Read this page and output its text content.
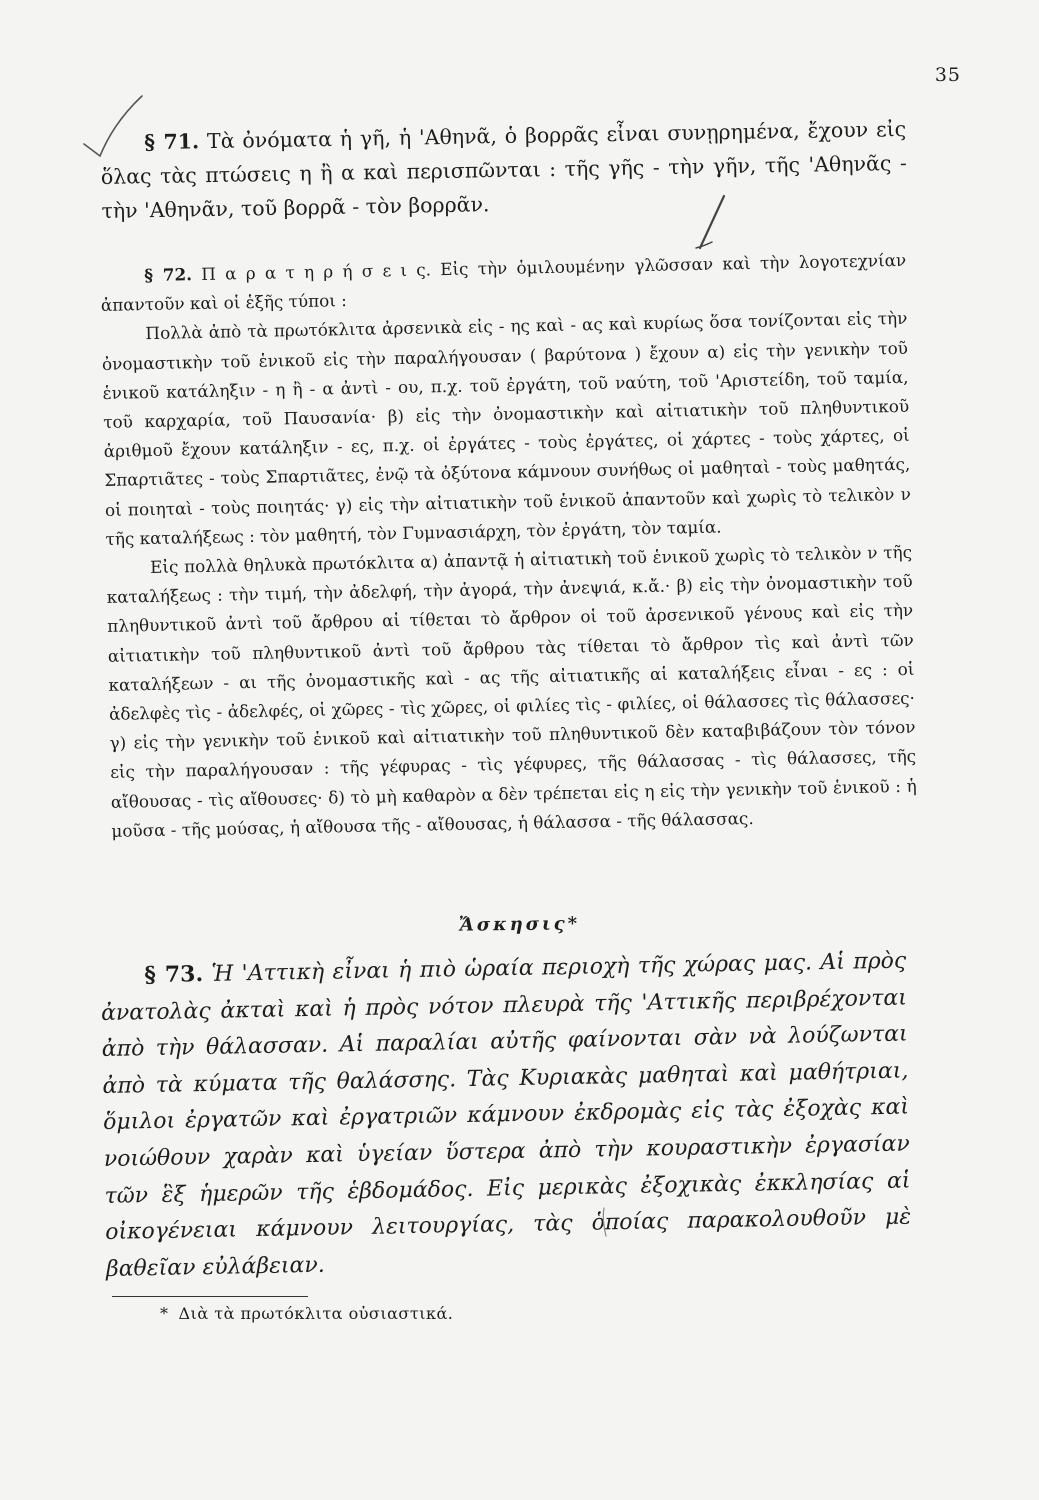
35

§ 71. Τὰ ὀνόματα ἡ γῆ, ἡ 'Αθηνᾶ, ὁ βορρᾶς εἶναι συνῃρημένα, ἔχουν εἰς ὅλας τὰς πτώσεις η ἢ α καὶ περισπῶνται : τῆς γῆς - τὴν γῆν, τῆς 'Αθηνᾶς - τὴν 'Αθηνᾶν, τοῦ βορρᾶ - τὸν βορρᾶν.

§ 72. Π α ρ α τ η ρ ή σ ε ι ς. Εἰς τὴν ὁμιλουμένην γλῶσσαν καὶ τὴν λογοτεχνίαν ἀπαντοῦν καὶ οἱ ἑξῆς τύποι :

Πολλὰ ἀπὸ τὰ πρωτόκλιτα ἀρσενικὰ εἰς - ης καὶ - ας καὶ κυρίως ὅσα τονίζονται εἰς τὴν ὀνομαστικὴν τοῦ ἑνικοῦ εἰς τὴν παραλήγουσαν ( βαρύτονα ) ἔχουν α) εἰς τὴν γενικὴν τοῦ ἑνικοῦ κατάληξιν - η ἢ - α ἀντὶ - ου, π.χ. τοῦ ἐργάτη, τοῦ ναύτη, τοῦ 'Αριστείδη, τοῦ ταμία, τοῦ καρχαρία, τοῦ Παυσανία· β) εἰς τὴν ὀνομαστικὴν καὶ αἰτιατικὴν τοῦ πληθυντικοῦ ἀριθμοῦ ἔχουν κατάληξιν - ες, π.χ. οἱ ἐργάτες - τοὺς ἐργάτες, οἱ χάρτες - τοὺς χάρτες, οἱ Σπαρτιᾶτες - τοὺς Σπαρτιᾶτες, ἐνῷ τὰ ὀξύτονα κάμνουν συνήθως οἱ μαθηταὶ - τοὺς μαθητάς, οἱ ποιηταὶ - τοὺς ποιητάς· γ) εἰς τὴν αἰτιατικὴν τοῦ ἑνικοῦ ἀπαντοῦν καὶ χωρὶς τὸ τελικὸν ν τῆς καταλήξεως : τὸν μαθητή, τὸν Γυμνασιάρχη, τὸν ἐργάτη, τὸν ταμία.

Εἰς πολλὰ θηλυκὰ πρωτόκλιτα α) ἀπαντᾷ ἡ αἰτιατικὴ τοῦ ἑνικοῦ χωρὶς τὸ τελικὸν ν τῆς καταλήξεως : τὴν τιμή, τὴν ἀδελφή, τὴν ἀγορά, τὴν ἀνεψιά, κ.ἄ.· β) εἰς τὴν ὀνομαστικὴν τοῦ πληθυντικοῦ ἀντὶ τοῦ ἄρθρου αἱ τίθεται τὸ ἄρθρον οἱ τοῦ ἀρσενικοῦ γένους καὶ εἰς τὴν αἰτιατικὴν τοῦ πληθυντικοῦ ἀντὶ τοῦ ἄρθρου τὰς τίθεται τὸ ἄρθρον τὶς καὶ ἀντὶ τῶν καταλήξεων - αι τῆς ὀνομαστικῆς καὶ - ας τῆς αἰτιατικῆς αἱ καταλήξεις εἶναι - ες : οἱ ἀδελφὲς τὶς - ἀδελφές, οἱ χῶρες - τὶς χῶρες, οἱ φιλίες τὶς - φιλίες, οἱ θάλασσες τὶς θάλασσες· γ) εἰς τὴν γενικὴν τοῦ ἑνικοῦ καὶ αἰτιατικὴν τοῦ πληθυντικοῦ δὲν καταβιβάζουν τὸν τόνον εἰς τὴν παραλήγουσαν : τῆς γέφυρας - τὶς γέφυρες, τῆς θάλασσας - τὶς θάλασσες, τῆς αἴθουσας - τὶς αἴθουσες· δ) τὸ μὴ καθαρὸν α δὲν τρέπεται εἰς η εἰς τὴν γενικὴν τοῦ ἑνικοῦ : ἡ μοῦσα - τῆς μούσας, ἡ αἴθουσα τῆς - αἴθουσας, ἡ θάλασσα - τῆς θάλασσας.

Ἄσκησις*

§ 73. Ἡ 'Αττικὴ εἶναι ἡ πιὸ ὡραία περιοχὴ τῆς χώρας μας. Αἱ πρὸς ἀνατολὰς ἀκταὶ καὶ ἡ πρὸς νότον πλευρὰ τῆς 'Αττικῆς περιβρέχονται ἀπὸ τὴν θάλασσαν. Αἱ παραλίαι αὐτῆς φαίνονται σὰν νὰ λούζωνται ἀπὸ τὰ κύματα τῆς θαλάσσης. Τὰς Κυριακὰς μαθηταὶ καὶ μαθήτριαι, ὅμιλοι ἐργατῶν καὶ ἐργατριῶν κάμνουν ἐκδρομὰς εἰς τὰς ἐξοχὰς καὶ νοιώθουν χαρὰν καὶ ὑγείαν ὕστερα ἀπὸ τὴν κουραστικὴν ἐργασίαν τῶν ἓξ ἡμερῶν τῆς ἑβδομάδος. Εἰς μερικὰς ἐξοχικὰς ἐκκλησίας αἱ οἰκογένειαι κάμνουν λειτουργίας, τὰς ὁποίας παρακολουθοῦν μὲ βαθεῖαν εὐλάβειαν.

* Διὰ τὰ πρωτόκλιτα οὐσιαστικά.
